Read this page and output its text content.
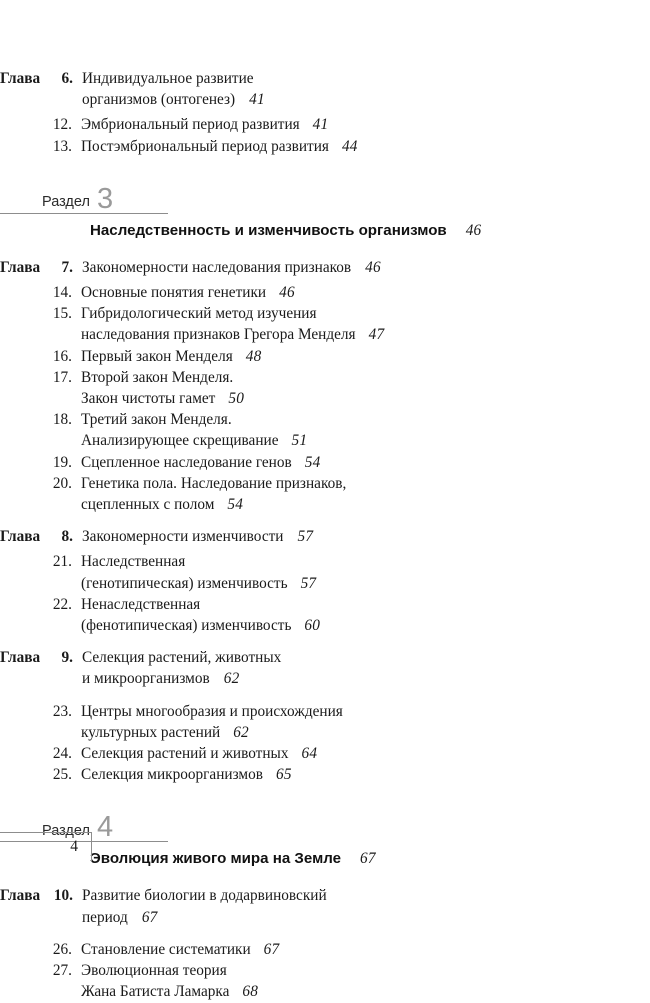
Глава	6. Индивидуальное развитие
организмов (онтогенез) 41
12. Эмбриональный период развития 41
13. Постэмбриональный период развития 44
Раздел 3
Наследственность и изменчивость организмов 46
Глава	7. Закономерности наследования признаков 46
14. Основные понятия генетики 46
15. Гибридологический метод изучения
наследования признаков Грегора Менделя 47
16. Первый закон Менделя 48
17. Второй закон Менделя.
Закон чистоты гамет 50
18. Третий закон Менделя.
Анализирующее скрещивание 51
19. Сцепленное наследование генов 54
20. Генетика пола. Наследование признаков,
сцепленных с полом 54
Глава	8. Закономерности изменчивости 57
21. Наследственная
(генотипическая) изменчивость 57
22. Ненаследственная
(фенотипическая) изменчивость 60
Глава	9. Селекция растений, животных
и микроорганизмов 62
23. Центры многообразия и происхождения
культурных растений 62
24. Селекция растений и животных 64
25. Селекция микроорганизмов 65
Раздел 4
Эволюция живого мира на Земле 67
Глава 10. Развитие биологии в додарвиновский
период 67
26. Становление систематики 67
27. Эволюционная теория
Жана Батиста Ламарка 68
4
